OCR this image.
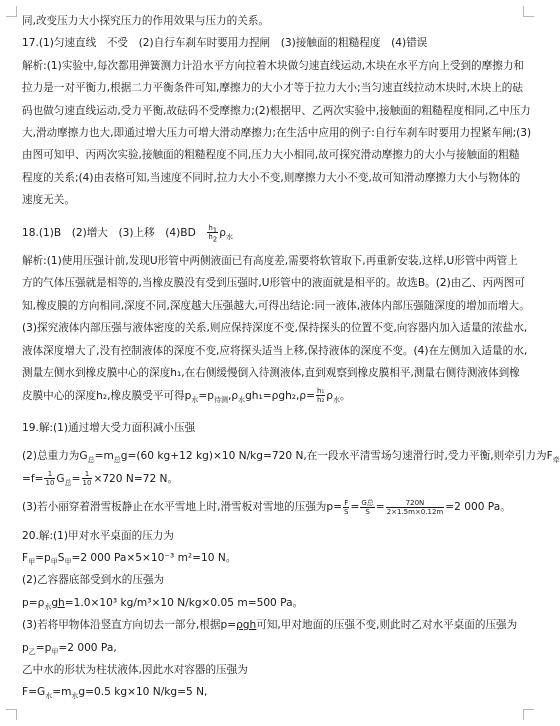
同,改变压力大小探究压力的作用效果与压力的关系。

17.(1)匀速直线　不受　(2)自行车刹车时要用力捏闸　(3)接触面的粗糙程度　(4)错误

解析:(1)实验中,每次都用弹簧测力计沿水平方向拉着木块做匀速直线运动,木块在水平方向上受到的摩擦力和

拉力是一对平衡力,根据二力平衡条件可知,摩擦力的大小才等于拉力大小;当匀速直线拉动木块时,木块上的砝

码也做匀速直线运动,受力平衡,故砝码不受摩擦力;(2)根据甲、乙两次实验中,接触面的粗糙程度相同,乙中压力

大,滑动摩擦力也大,即通过增大压力可增大滑动摩擦力;在生活中应用的例子:自行车刹车时要用力捏紧车闸;(3)

由图可知甲、丙两次实验,接触面的粗糙程度不同,压力大小相同,故可探究滑动摩擦力的大小与接触面的粗糙

程度的关系;(4)由表格可知,当速度不同时,拉力大小不变,则摩擦力大小不变,故可知滑动摩擦力大小与物体的

速度无关。

18.(1)B　(2)增大　(3)上移　(4)BD　 $\frac{h_1}{h_2} \rho_水$

解析:(1)使用压强计前,发现U形管中两侧液面已有高度差,需要将软管取下,再重新安装,这样,U形管中两管上

方的气体压强就是相等的,当橡皮膜没有受到压强时,U形管中的液面就是相平的。故选B。(2)由乙、丙两图可

知,橡皮膜的方向相同,深度不同,深度越大压强越大,可得出结论:同一液体,液体内部压强随深度的增加而增大。

(3)探究液体内部压强与液体密度的关系,则应保持深度不变,保持探头的位置不变,向容器内加入适量的浓盐水,

液体深度增大了,没有控制液体的深度不变,应将探头适当上移,保持液体的深度不变。(4)在左侧加入适量的水,

测量左侧水到橡皮膜中心的深度h₁,在右侧缓慢倒入待测液体,直到观察到橡皮膜相平,测量右侧待测液体到橡

皮膜中心的深度h₂,橡皮膜受平可得$p_水=p_{待测},\rho_水gh_1=\rho gh_2,\rho= \frac{\text{h₁}}{\text{h₂}} \rho_水$。

19.解:(1)通过增大受力面积减小压强

(2)总重力为$G_总=m_总g=(60$ kg+12 kg)×10 N/kg=720 N,在一段水平清雪场匀速滑行时,受力平衡,则牵引力为$F_牵$

$=f= \frac{1}{10} G_总= \frac{1}{10} \times 720$ N=72 N。

(3)若小丽穿着滑雪板静止在水平雪地上时,滑雪板对雪地的压强为$p= \frac{F}{S} = \frac{\text{G总}}{S} = \frac{720N}{2\times 1.5m\times 0.12m} =2$ 000 Pa。

20.解:(1)甲对水平桌面的压力为

$F_甲=p_甲S_甲=2$ 000 Pa×5×10⁻³ m²=10 N。

(2)乙容器底部受到水的压强为

$p=\rho_水gh=1.0\times 10^3$ kg/m³×10 N/kg×0.05 m=500 Pa。

(3)若将甲物体沿竖直方向切去一部分,根据p=ρgh可知,甲对地面的压强不变,则此时乙对水平桌面的压强为

$p_乙=p_甲=2$ 000 Pa,

乙中水的形状为柱状液体,因此水对容器的压强为

$F=G_水=m_水g=0.5$ kg×10 N/kg=5 N,
